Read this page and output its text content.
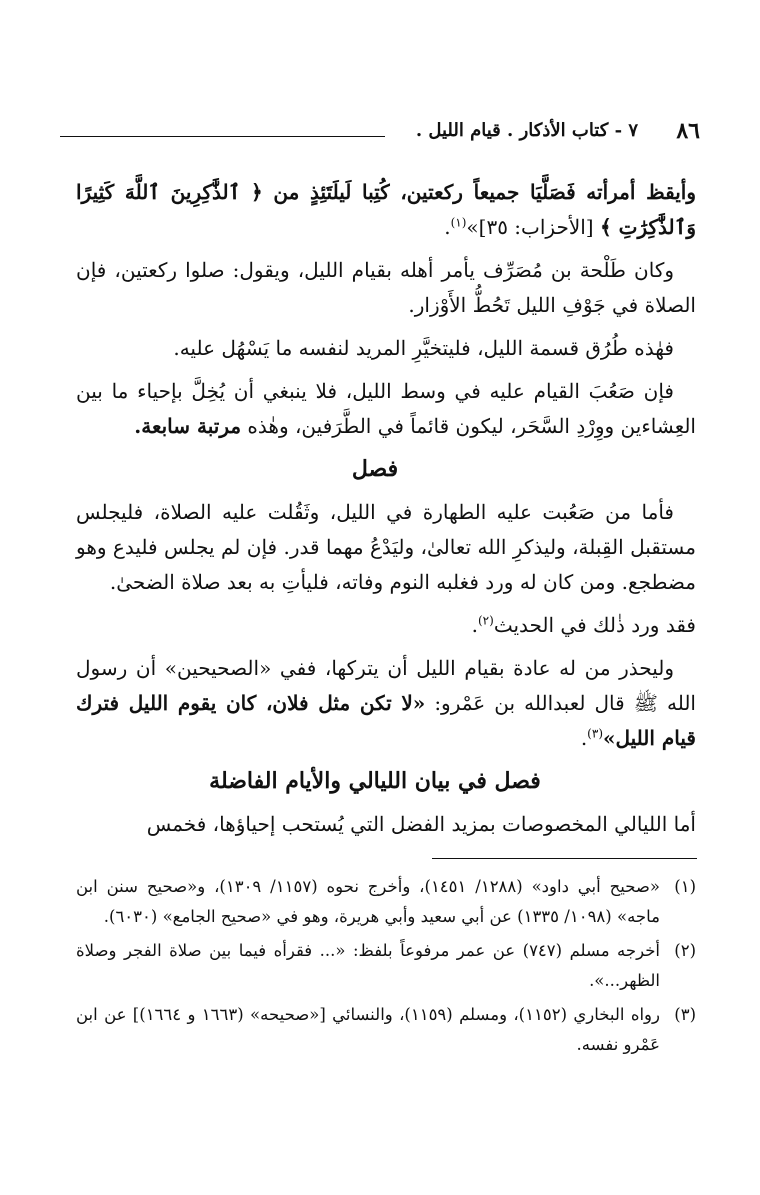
٨٦
٧ - كتاب الأذكار . قيام الليل .

وأيقظ أمرأته فَصَلَّيَا جميعاً ركعتين، كُتِبا لَيلَتَئِذٍ من ﴿ ٱلذَّٰكِرِينَ ٱللَّهَ كَثِيرًا وَٱلذَّٰكِرَٰتِ ﴾ [الأحزاب: ٣٥]»$^{(١)}$.

وكان طَلْحة بن مُصَرِّف يأمر أهله بقيام الليل، ويقول: صلوا ركعتين، فإن الصلاة في جَوْفِ الليل تَحُطُّ الأَوْزار.

فهٰذه طُرُق قسمة الليل، فليتخيَّرِ المريد لنفسه ما يَسْهُل عليه.

فإن صَعُبَ القيام عليه في وسط الليل، فلا ينبغي أن يُخِلَّ بإحياء ما بين العِشاءين ووِرْدِ السَّحَر، ليكون قائماً في الطَّرَفين، وهٰذه مرتبة سابعة.

فصل

فأما من صَعُبت عليه الطهارة في الليل، وثَقُلت عليه الصلاة، فليجلس مستقبل القِبلة، وليذكرِ الله تعالىٰ، وليَدْعُ مهما قدر. فإن لم يجلس فليدع وهو مضطجع. ومن كان له ورد فغلبه النوم وفاته، فليأتِ به بعد صلاة الضحىٰ.

فقد ورد ذٰلك في الحديث$^{(٢)}$.

وليحذر من له عادة بقيام الليل أن يتركها، ففي «الصحيحين» أن رسول الله ﷺ قال لعبدالله بن عَمْرو: «لا تكن مثل فلان، كان يقوم الليل فترك قيام الليل»$^{(٣)}$.

فصل في بيان الليالي والأيام الفاضلة

أما الليالي المخصوصات بمزيد الفضل التي يُستحب إحياؤها، فخمس

(١)
«صحيح أبي داود» (١٢٨٨/ ١٤٥١)، وأخرج نحوه (١١٥٧/ ١٣٠٩)، و«صحيح سنن ابن ماجه» (١٠٩٨/ ١٣٣٥) عن أبي سعيد وأبي هريرة، وهو في «صحيح الجامع» (٦٠٣٠).
(٢)
أخرجه مسلم (٧٤٧) عن عمر مرفوعاً بلفظ: «... فقرأه فيما بين صلاة الفجر وصلاة الظهر...».
(٣)
رواه البخاري (١١٥٢)، ومسلم (١١٥٩)، والنسائي [«صحيحه» (١٦٦٣ و ١٦٦٤)] عن ابن عَمْرو نفسه.
